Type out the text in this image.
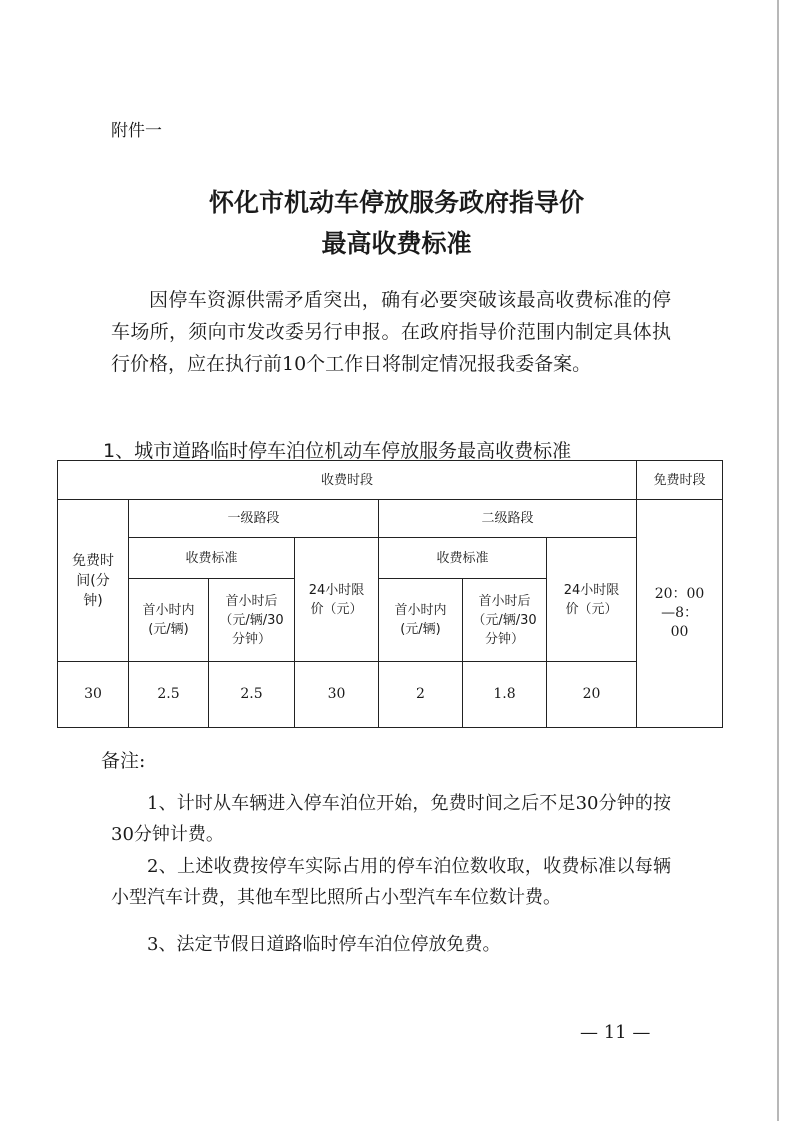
附件一
怀化市机动车停放服务政府指导价
最高收费标准
因停车资源供需矛盾突出，确有必要突破该最高收费标准的停车场所，须向市发改委另行申报。在政府指导价范围内制定具体执行价格，应在执行前10个工作日将制定情况报我委备案。
1、城市道路临时停车泊位机动车停放服务最高收费标准
收费时段							免费时段
免费时间(分钟)	一级路段			二级路段			20：00—8：00
	收费标准		24小时限价（元）	收费标准		24小时限价（元）	
	首小时内(元/辆)	首小时后（元/辆/30分钟）		首小时内(元/辆)	首小时后（元/辆/30分钟）		
30	2.5	2.5	30	2	1.8	20	
备注:
1、计时从车辆进入停车泊位开始，免费时间之后不足30分钟的按30分钟计费。
2、上述收费按停车实际占用的停车泊位数收取，收费标准以每辆小型汽车计费，其他车型比照所占小型汽车车位数计费。
3、法定节假日道路临时停车泊位停放免费。
— 11 —
